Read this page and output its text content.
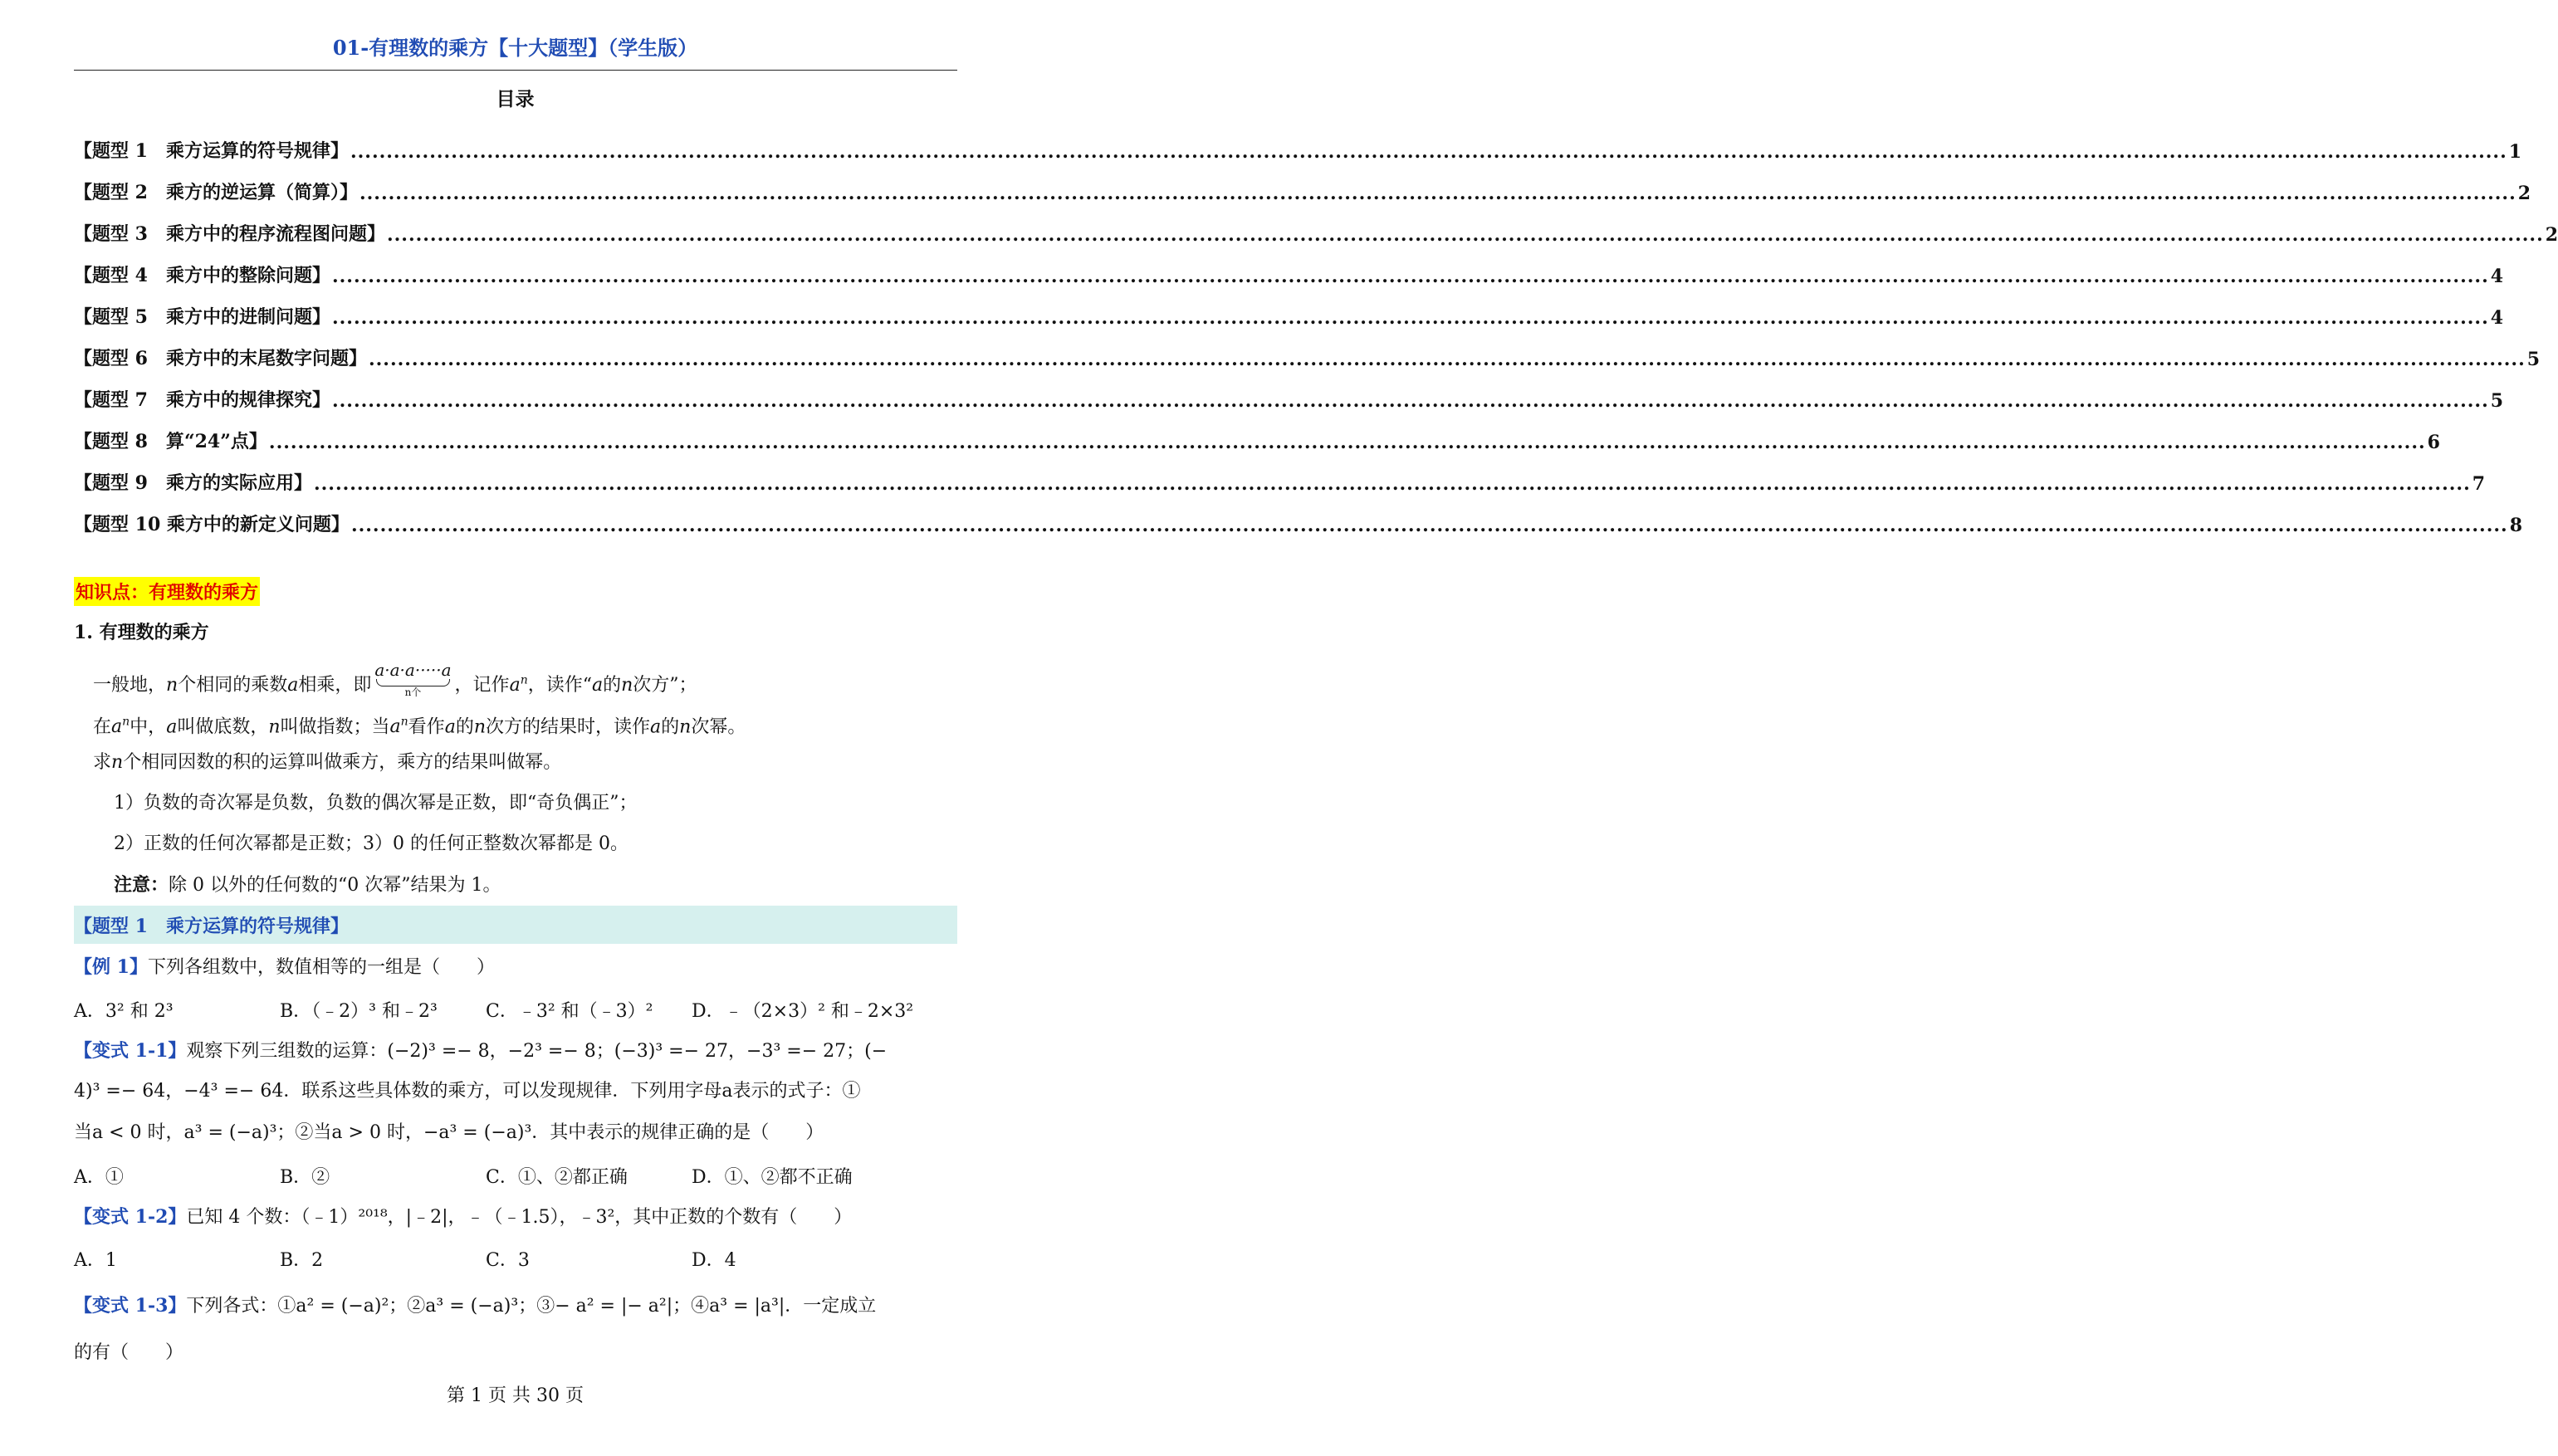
01-有理数的乘方【十大题型】（学生版）
目录
【题型 1　乘方运算的符号规律】 ............................................................................................................................................................................................................................................................................................................ 1
【题型 2　乘方的逆运算（简算）】 ............................................................................................................................................................................................................................................................................................................ 2
【题型 3　乘方中的程序流程图问题】 ............................................................................................................................................................................................................................................................................................................ 2
【题型 4　乘方中的整除问题】 ............................................................................................................................................................................................................................................................................................................ 4
【题型 5　乘方中的进制问题】 ............................................................................................................................................................................................................................................................................................................ 4
【题型 6　乘方中的末尾数字问题】 ............................................................................................................................................................................................................................................................................................................ 5
【题型 7　乘方中的规律探究】 ............................................................................................................................................................................................................................................................................................................ 5
【题型 8　算“24”点】 ............................................................................................................................................................................................................................................................................................................ 6
【题型 9　乘方的实际应用】 ............................................................................................................................................................................................................................................................................................................ 7
【题型 10 乘方中的新定义问题】 ............................................................................................................................................................................................................................................................................................................ 8
知识点：有理数的乘方
1. 有理数的乘方
一般地，n个相同的乘数a相乘，即
a·a·a·····a
n个	，记作$a^n$，读作“a的n次方”；
在$a^n$中，a叫做底数，n叫做指数；当$a^n$看作a的n次方的结果时，读作a的n次幂。
求n个相同因数的积的运算叫做乘方，乘方的结果叫做幂。
1）负数的奇次幂是负数，负数的偶次幂是正数，即“奇负偶正”；
2）正数的任何次幂都是正数；3）0 的任何正整数次幂都是 0。
注意：除 0 以外的任何数的“0 次幂”结果为 1。
【题型 1　乘方运算的符号规律】
【例 1】下列各组数中，数值相等的一组是（　　）
A．3² 和 2³	B．（﹣2）³ 和﹣2³	C．﹣3² 和（﹣3）²	D．﹣（2×3）² 和﹣2×3²
【变式 1-1】观察下列三组数的运算：(−2)³ =− 8，−2³ =− 8；(−3)³ =− 27，−3³ =− 27；(−
4)³ =− 64，−4³ =− 64．联系这些具体数的乘方，可以发现规律．下列用字母a表示的式子：①
当a < 0 时，a³ = (−a)³；②当a > 0 时，−a³ = (−a)³．其中表示的规律正确的是（　　）
A．①	B．②	C．①、②都正确	D．①、②都不正确
【变式 1-2】已知 4 个数：（﹣1）²⁰¹⁸，|﹣2|，﹣（﹣1.5），﹣3²，其中正数的个数有（　　）
A．1	B．2	C．3	D．4
【变式 1-3】下列各式：①a² = (−a)²；②a³ = (−a)³；③− a² = |− a²|；④a³ = |a³|．一定成立
的有（　　）
第 1 页 共 30 页
